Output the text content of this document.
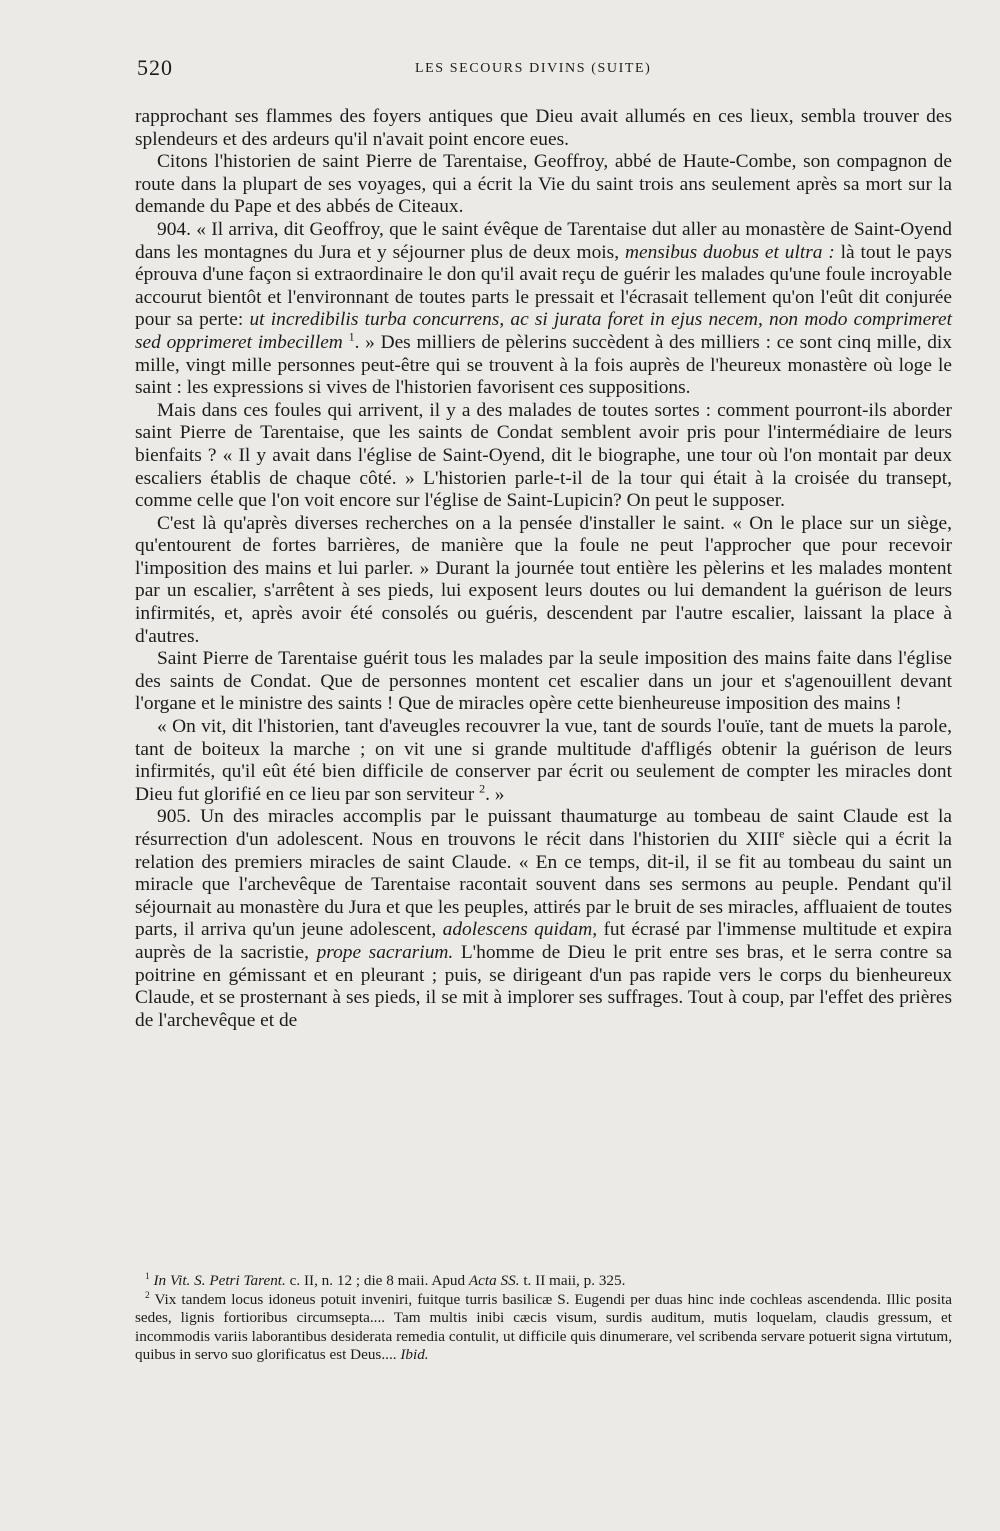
520	LES SECOURS DIVINS (SUITE)

rapprochant ses flammes des foyers antiques que Dieu avait allumés en ces lieux, sembla trouver des splendeurs et des ardeurs qu'il n'avait point encore eues.

Citons l'historien de saint Pierre de Tarentaise, Geoffroy, abbé de Haute-Combe, son compagnon de route dans la plupart de ses voyages, qui a écrit la Vie du saint trois ans seulement après sa mort sur la demande du Pape et des abbés de Citeaux.

904. « Il arriva, dit Geoffroy, que le saint évêque de Tarentaise dut aller au monastère de Saint-Oyend dans les montagnes du Jura et y séjourner plus de deux mois, mensibus duobus et ultra : là tout le pays éprouva d'une façon si extraordinaire le don qu'il avait reçu de guérir les malades qu'une foule incroyable accourut bientôt et l'environnant de toutes parts le pressait et l'écrasait tellement qu'on l'eût dit conjurée pour sa perte: ut incredibilis turba concurrens, ac si jurata foret in ejus necem, non modo comprimeret sed opprimeret imbecillem $^1$. » Des milliers de pèlerins succèdent à des milliers : ce sont cinq mille, dix mille, vingt mille personnes peut-être qui se trouvent à la fois auprès de l'heureux monastère où loge le saint : les expressions si vives de l'historien favorisent ces suppositions.

Mais dans ces foules qui arrivent, il y a des malades de toutes sortes : comment pourront-ils aborder saint Pierre de Tarentaise, que les saints de Condat semblent avoir pris pour l'intermédiaire de leurs bienfaits ? « Il y avait dans l'église de Saint-Oyend, dit le biographe, une tour où l'on montait par deux escaliers établis de chaque côté. » L'historien parle-t-il de la tour qui était à la croisée du transept, comme celle que l'on voit encore sur l'église de Saint-Lupicin? On peut le supposer.

C'est là qu'après diverses recherches on a la pensée d'installer le saint. « On le place sur un siège, qu'entourent de fortes barrières, de manière que la foule ne peut l'approcher que pour recevoir l'imposition des mains et lui parler. » Durant la journée tout entière les pèlerins et les malades montent par un escalier, s'arrêtent à ses pieds, lui exposent leurs doutes ou lui demandent la guérison de leurs infirmités, et, après avoir été consolés ou guéris, descendent par l'autre escalier, laissant la place à d'autres.

Saint Pierre de Tarentaise guérit tous les malades par la seule imposition des mains faite dans l'église des saints de Condat. Que de personnes montent cet escalier dans un jour et s'agenouillent devant l'organe et le ministre des saints ! Que de miracles opère cette bienheureuse imposition des mains !

« On vit, dit l'historien, tant d'aveugles recouvrer la vue, tant de sourds l'ouïe, tant de muets la parole, tant de boiteux la marche ; on vit une si grande multitude d'affligés obtenir la guérison de leurs infirmités, qu'il eût été bien difficile de conserver par écrit ou seulement de compter les miracles dont Dieu fut glorifié en ce lieu par son serviteur $^2$. »

905. Un des miracles accomplis par le puissant thaumaturge au tombeau de saint Claude est la résurrection d'un adolescent. Nous en trouvons le récit dans l'historien du XIIIe siècle qui a écrit la relation des premiers miracles de saint Claude. « En ce temps, dit-il, il se fit au tombeau du saint un miracle que l'archevêque de Tarentaise racontait souvent dans ses sermons au peuple. Pendant qu'il séjournait au monastère du Jura et que les peuples, attirés par le bruit de ses miracles, affluaient de toutes parts, il arriva qu'un jeune adolescent, adolescens quidam, fut écrasé par l'immense multitude et expira auprès de la sacristie, prope sacrarium. L'homme de Dieu le prit entre ses bras, et le serra contre sa poitrine en gémissant et en pleurant ; puis, se dirigeant d'un pas rapide vers le corps du bienheureux Claude, et se prosternant à ses pieds, il se mit à implorer ses suffrages. Tout à coup, par l'effet des prières de l'archevêque et de

$^1$ In Vit. S. Petri Tarent. c. II, n. 12 ; die 8 maii. Apud Acta SS. t. II maii, p. 325.

$^2$ Vix tandem locus idoneus potuit inveniri, fuitque turris basilicæ S. Eugendi per duas hinc inde cochleas ascendenda. Illic posita sedes, lignis fortioribus circumsepta.... Tam multis inibi cæcis visum, surdis auditum, mutis loquelam, claudis gressum, et incommodis variis laborantibus desiderata remedia contulit, ut difficile quis dinumerare, vel scribenda servare potuerit signa virtutum, quibus in servo suo glorificatus est Deus.... Ibid.
